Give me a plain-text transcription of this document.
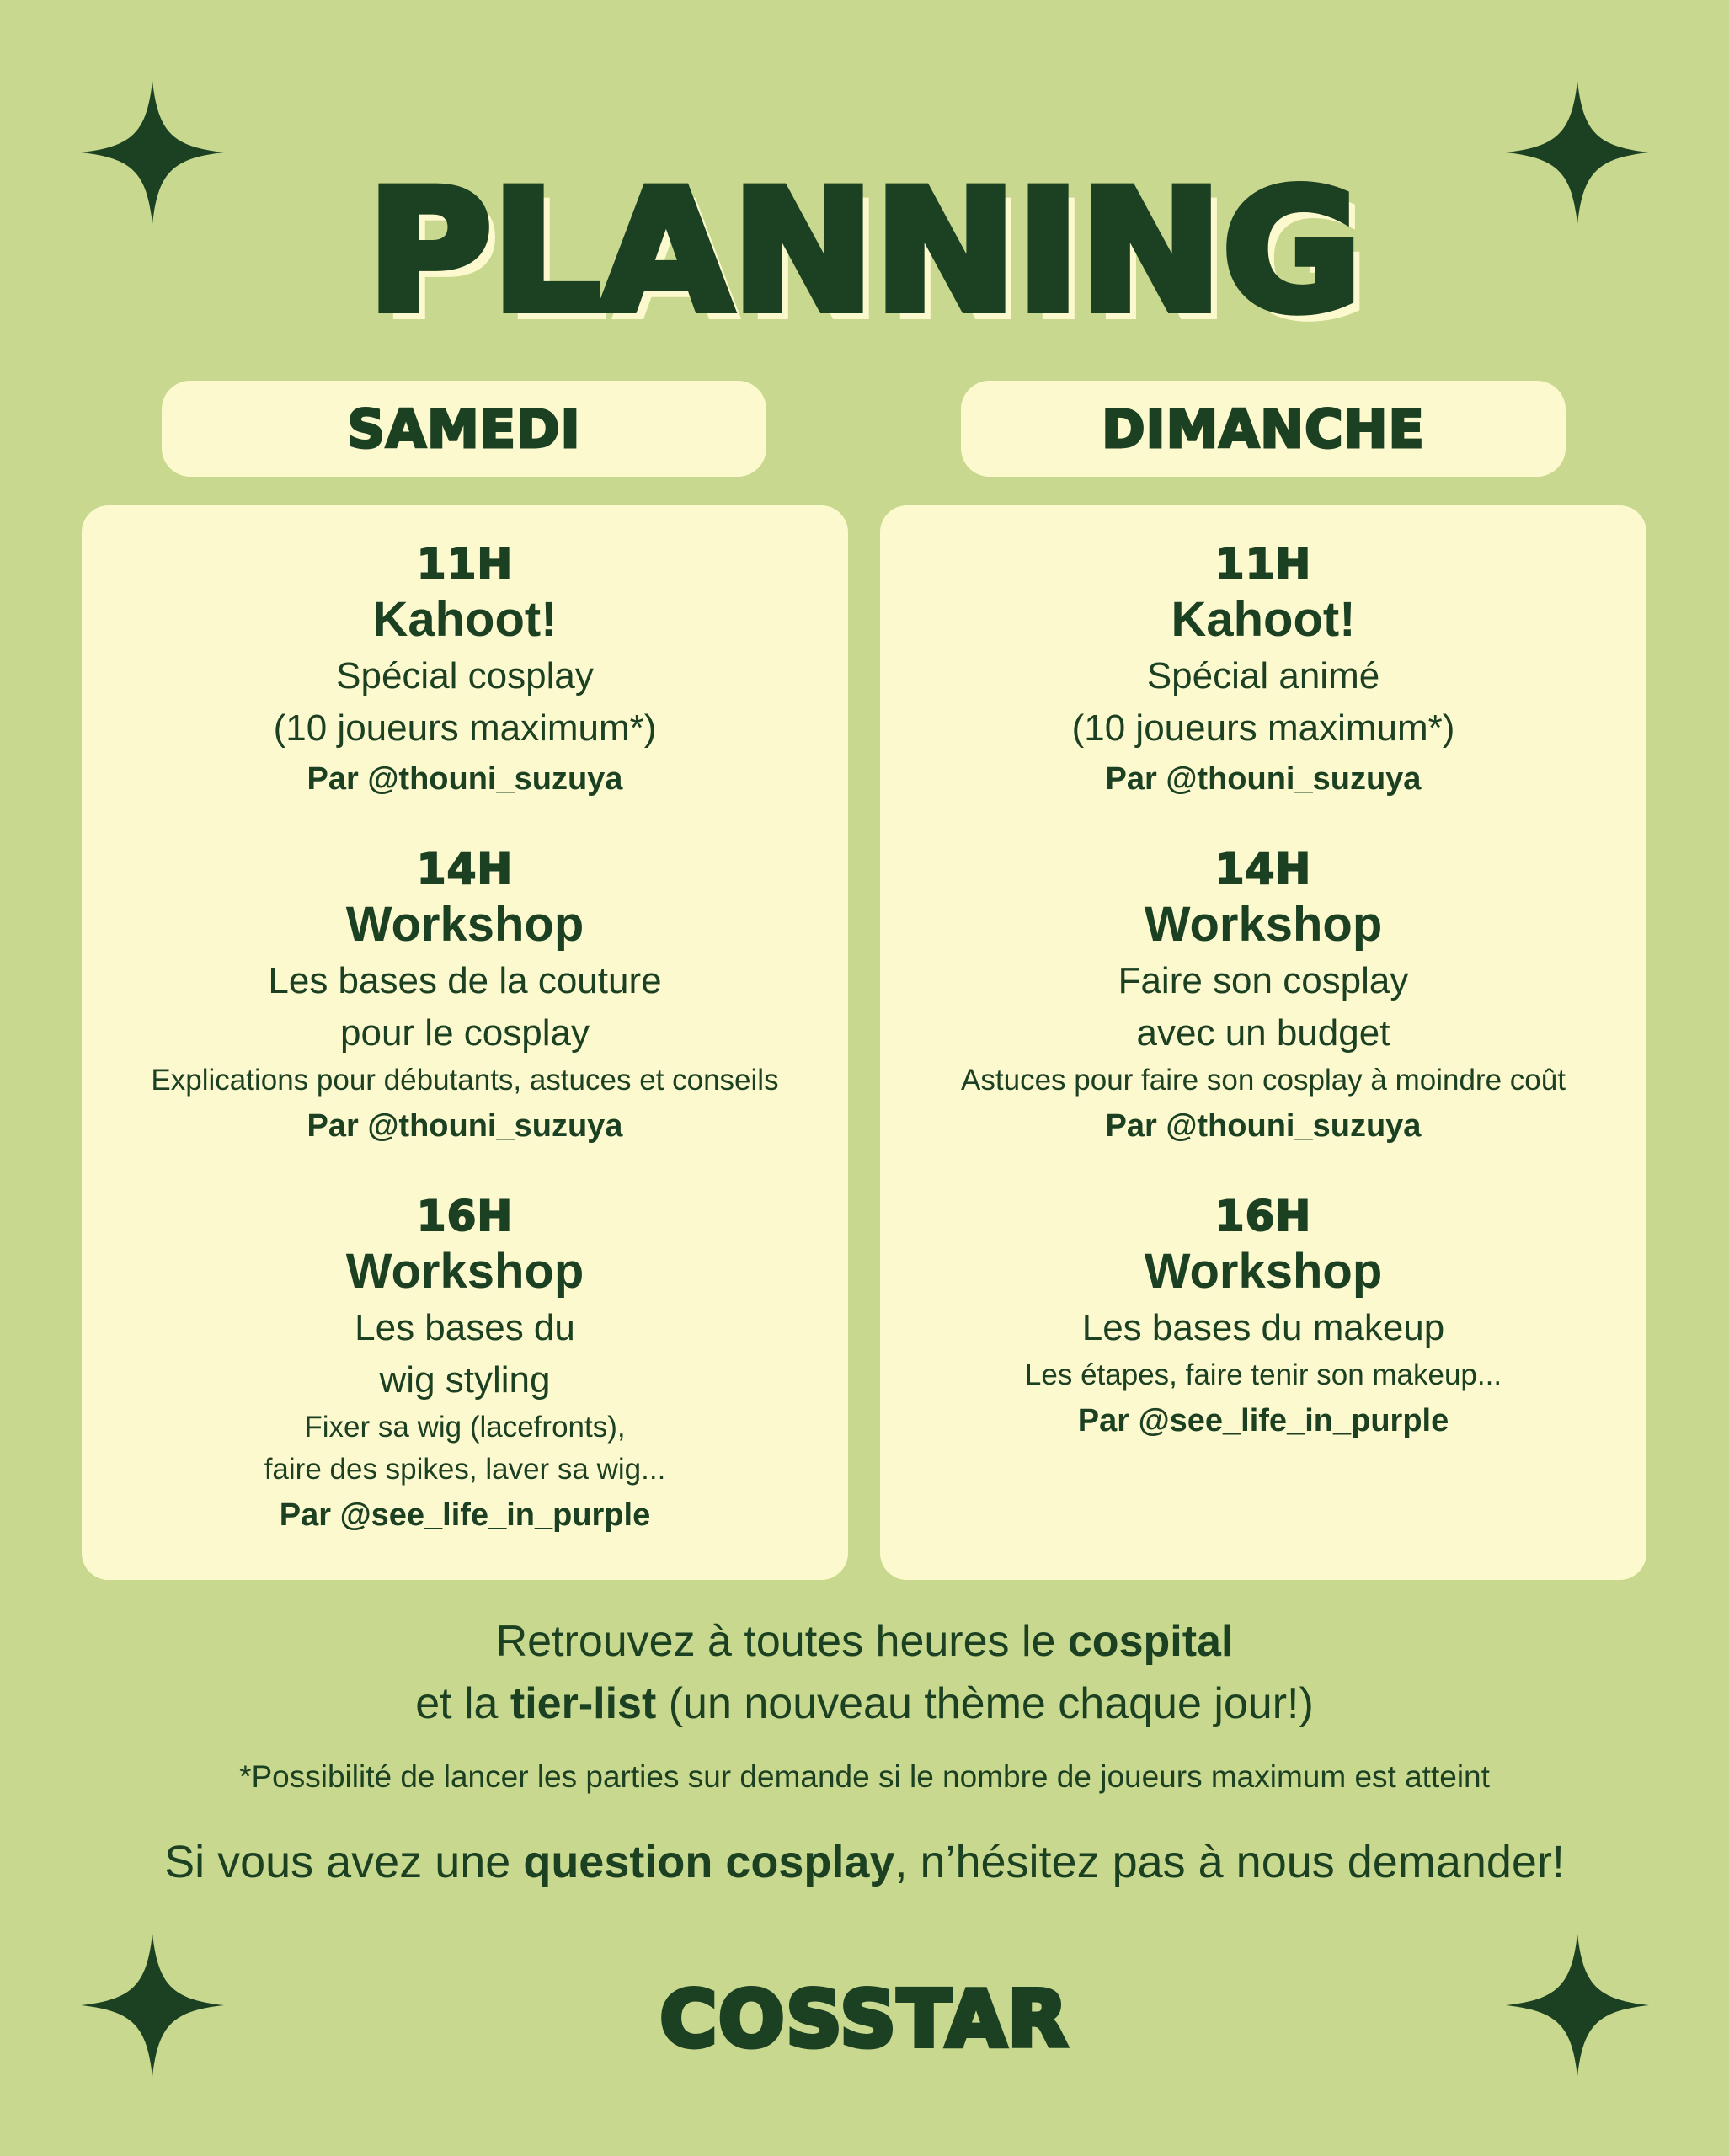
PLANNING
SAMEDI	DIMANCHE
11H
Kahoot!
Spécial cosplay
(10 joueurs maximum*)
Par @thouni_suzuya
14H
Workshop
Les bases de la couture
pour le cosplay
Explications pour débutants, astuces et conseils
Par @thouni_suzuya
16H
Workshop
Les bases du
wig styling
Fixer sa wig (lacefronts),
faire des spikes, laver sa wig...
Par @see_life_in_purple
11H
Kahoot!
Spécial animé
(10 joueurs maximum*)
Par @thouni_suzuya
14H
Workshop
Faire son cosplay
avec un budget
Astuces pour faire son cosplay à moindre coût
Par @thouni_suzuya
16H
Workshop
Les bases du makeup
Les étapes, faire tenir son makeup...
Par @see_life_in_purple
Retrouvez à toutes heures le cospital
et la tier-list (un nouveau thème chaque jour!)
*Possibilité de lancer les parties sur demande si le nombre de joueurs maximum est atteint
Si vous avez une question cosplay, n’hésitez pas à nous demander!
COSSTAR
